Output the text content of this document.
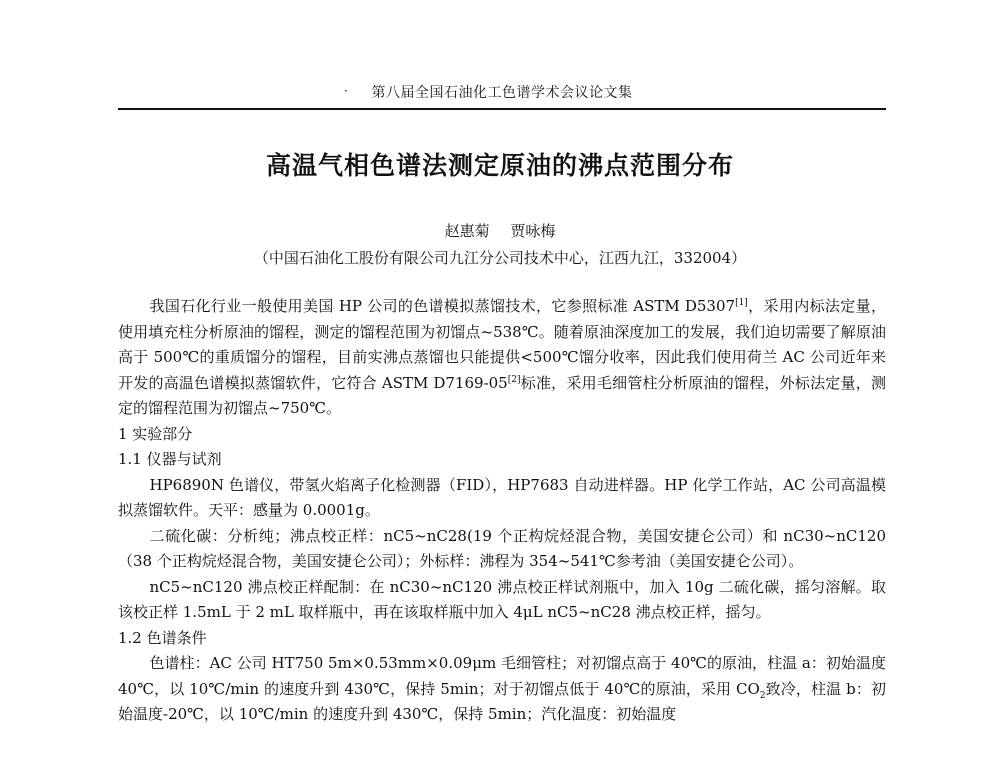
· 第八届全国石油化工色谱学术会议论文集
高温气相色谱法测定原油的沸点范围分布
赵惠菊 贾咏梅
（中国石油化工股份有限公司九江分公司技术中心，江西九江，332004）

我国石化行业一般使用美国 HP 公司的色谱模拟蒸馏技术，它参照标准 ASTM D5307[1]，采用内标法定量，使用填充柱分析原油的馏程，测定的馏程范围为初馏点~538℃。随着原油深度加工的发展，我们迫切需要了解原油高于 500℃的重质馏分的馏程，目前实沸点蒸馏也只能提供<500℃馏分收率，因此我们使用荷兰 AC 公司近年来开发的高温色谱模拟蒸馏软件，它符合 ASTM D7169-05[2]标准，采用毛细管柱分析原油的馏程，外标法定量，测定的馏程范围为初馏点~750℃。

1 实验部分

1.1 仪器与试剂

HP6890N 色谱仪，带氢火焰离子化检测器（FID），HP7683 自动进样器。HP 化学工作站，AC 公司高温模拟蒸馏软件。天平：感量为 0.0001g。

二硫化碳：分析纯；沸点校正样：nC5~nC28(19 个正构烷烃混合物，美国安捷仑公司）和 nC30~nC120（38 个正构烷烃混合物，美国安捷仑公司）；外标样：沸程为 354~541℃参考油（美国安捷仑公司）。

nC5~nC120 沸点校正样配制：在 nC30~nC120 沸点校正样试剂瓶中，加入 10g 二硫化碳，摇匀溶解。取该校正样 1.5mL 于 2 mL 取样瓶中，再在该取样瓶中加入 4μL nC5~nC28 沸点校正样，摇匀。

1.2 色谱条件

色谱柱：AC 公司 HT750 5m×0.53mm×0.09μm 毛细管柱；对初馏点高于 40℃的原油，柱温 a：初始温度 40℃，以 10℃/min 的速度升到 430℃，保持 5min；对于初馏点低于 40℃的原油，采用 $CO_2$致冷，柱温 b：初始温度-20℃，以 10℃/min 的速度升到 430℃，保持 5min；汽化温度：初始温度
